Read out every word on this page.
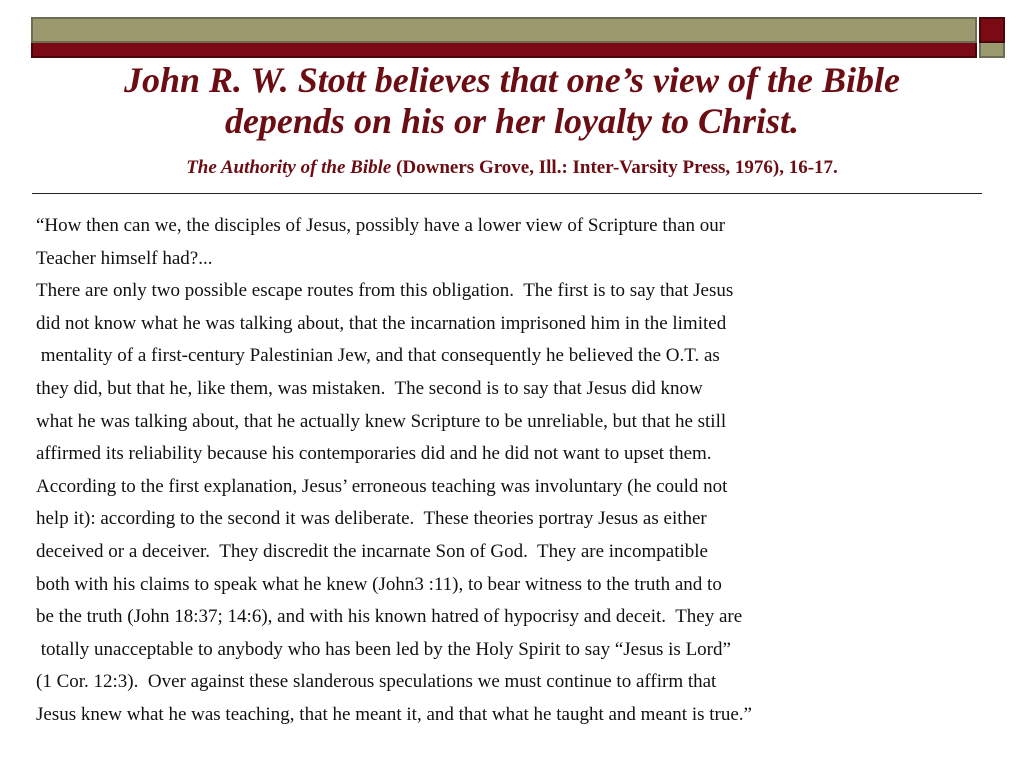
John R. W. Stott believes that one’s view of the Bible
depends on his or her loyalty to Christ.
The Authority of the Bible (Downers Grove, Ill.: Inter-Varsity Press, 1976), 16-17.
“How then can we, the disciples of Jesus, possibly have a lower view of Scripture than our
Teacher himself had?...
There are only two possible escape routes from this obligation.  The first is to say that Jesus
did not know what he was talking about, that the incarnation imprisoned him in the limited
mentality of a first-century Palestinian Jew, and that consequently he believed the O.T. as
they did, but that he, like them, was mistaken.  The second is to say that Jesus did know
what he was talking about, that he actually knew Scripture to be unreliable, but that he still
affirmed its reliability because his contemporaries did and he did not want to upset them.
According to the first explanation, Jesus’ erroneous teaching was involuntary (he could not
help it): according to the second it was deliberate.  These theories portray Jesus as either
deceived or a deceiver.  They discredit the incarnate Son of God.  They are incompatible
both with his claims to speak what he knew (John3 :11), to bear witness to the truth and to
be the truth (John 18:37; 14:6), and with his known hatred of hypocrisy and deceit.  They are
totally unacceptable to anybody who has been led by the Holy Spirit to say “Jesus is Lord”
(1 Cor. 12:3).  Over against these slanderous speculations we must continue to affirm that
Jesus knew what he was teaching, that he meant it, and that what he taught and meant is true.”
